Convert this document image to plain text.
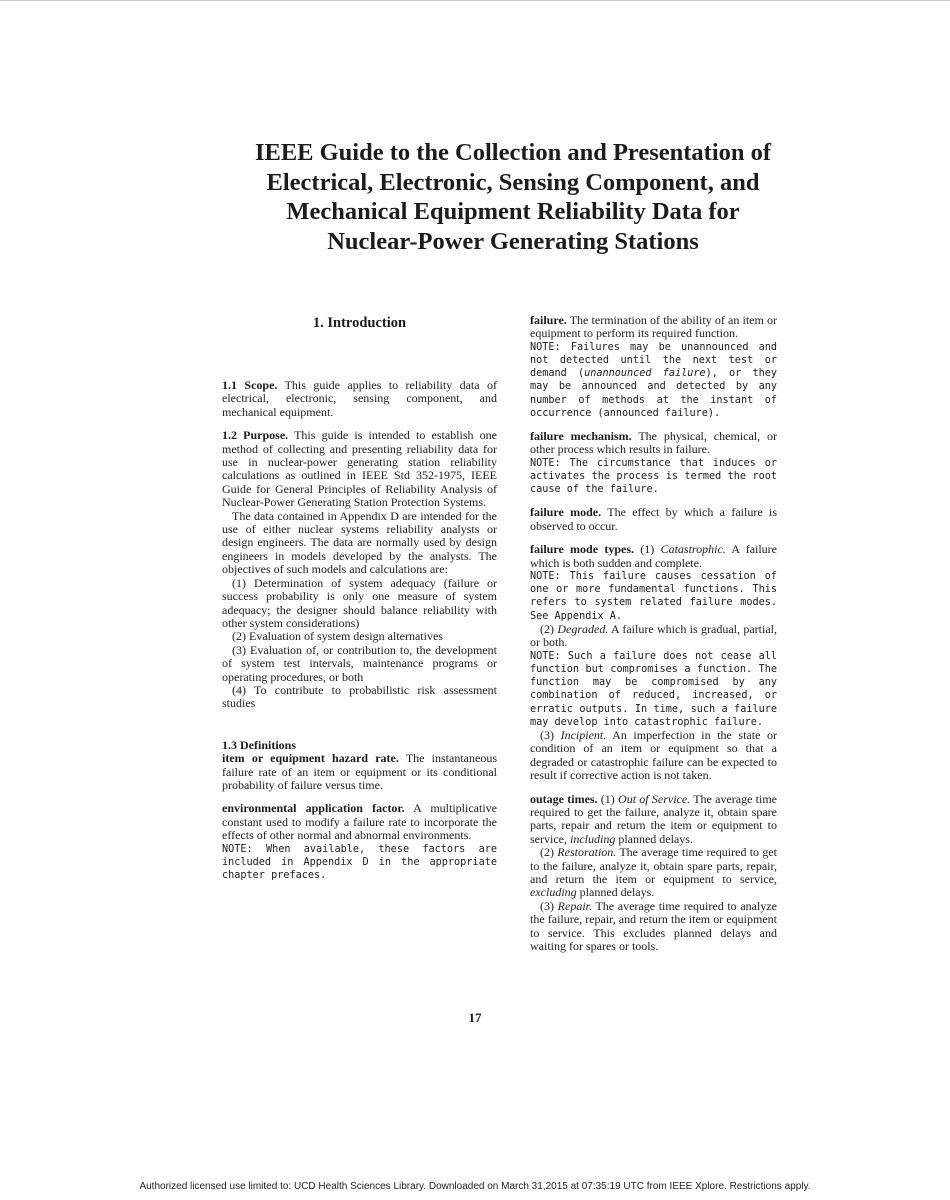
IEEE Guide to the Collection and Presentation of
Electrical, Electronic, Sensing Component, and
Mechanical Equipment Reliability Data for
Nuclear-Power Generating Stations
1. Introduction

1.1 Scope. This guide applies to reliability data of electrical, electronic, sensing component, and mechanical equipment.

1.2 Purpose. This guide is intended to establish one method of collecting and presenting reliability data for use in nuclear-power generating station reliability calculations as outlined in IEEE Std 352-1975, IEEE Guide for General Principles of Reliability Analysis of Nuclear-Power Generating Station Protection Systems.

The data contained in Appendix D are intended for the use of either nuclear systems reliability analysts or design engineers. The data are normally used by design engineers in models developed by the analysts. The objectives of such models and calculations are:

(1) Determination of system adequacy (failure or success probability is only one measure of system adequacy; the designer should balance reliability with other system considerations)

(2) Evaluation of system design alternatives

(3) Evaluation of, or contribution to, the development of system test intervals, maintenance programs or operating procedures, or both

(4) To contribute to probabilistic risk assessment studies

1.3 Definitions

item or equipment hazard rate. The instantaneous failure rate of an item or equipment or its conditional probability of failure versus time.

environmental application factor. A multiplicative constant used to modify a failure rate to incorporate the effects of other normal and abnormal environments.

NOTE: When available, these factors are included in Appendix D in the appropriate chapter prefaces.

failure. The termination of the ability of an item or equipment to perform its required function.

NOTE: Failures may be unannounced and not detected until the next test or demand (unannounced failure), or they may be announced and detected by any number of methods at the instant of occurrence (announced failure).

failure mechanism. The physical, chemical, or other process which results in failure.

NOTE: The circumstance that induces or activates the process is termed the root cause of the failure.

failure mode. The effect by which a failure is observed to occur.

failure mode types. (1) Catastrophic. A failure which is both sudden and complete.

NOTE: This failure causes cessation of one or more fundamental functions. This refers to system related failure modes. See Appendix A.

(2) Degraded. A failure which is gradual, partial, or both.

NOTE: Such a failure does not cease all function but compromises a function. The function may be compromised by any combination of reduced, increased, or erratic outputs. In time, such a failure may develop into catastrophic failure.

(3) Incipient. An imperfection in the state or condition of an item or equipment so that a degraded or catastrophic failure can be expected to result if corrective action is not taken.

outage times. (1) Out of Service. The average time required to get the failure, analyze it, obtain spare parts, repair and return the item or equipment to service, including planned delays.

(2) Restoration. The average time required to get to the failure, analyze it, obtain spare parts, repair, and return the item or equipment to service, excluding planned delays.

(3) Repair. The average time required to analyze the failure, repair, and return the item or equipment to service. This excludes planned delays and waiting for spares or tools.

17
Authorized licensed use limited to: UCD Health Sciences Library. Downloaded on March 31,2015 at 07:35:19 UTC from IEEE Xplore. Restrictions apply.
